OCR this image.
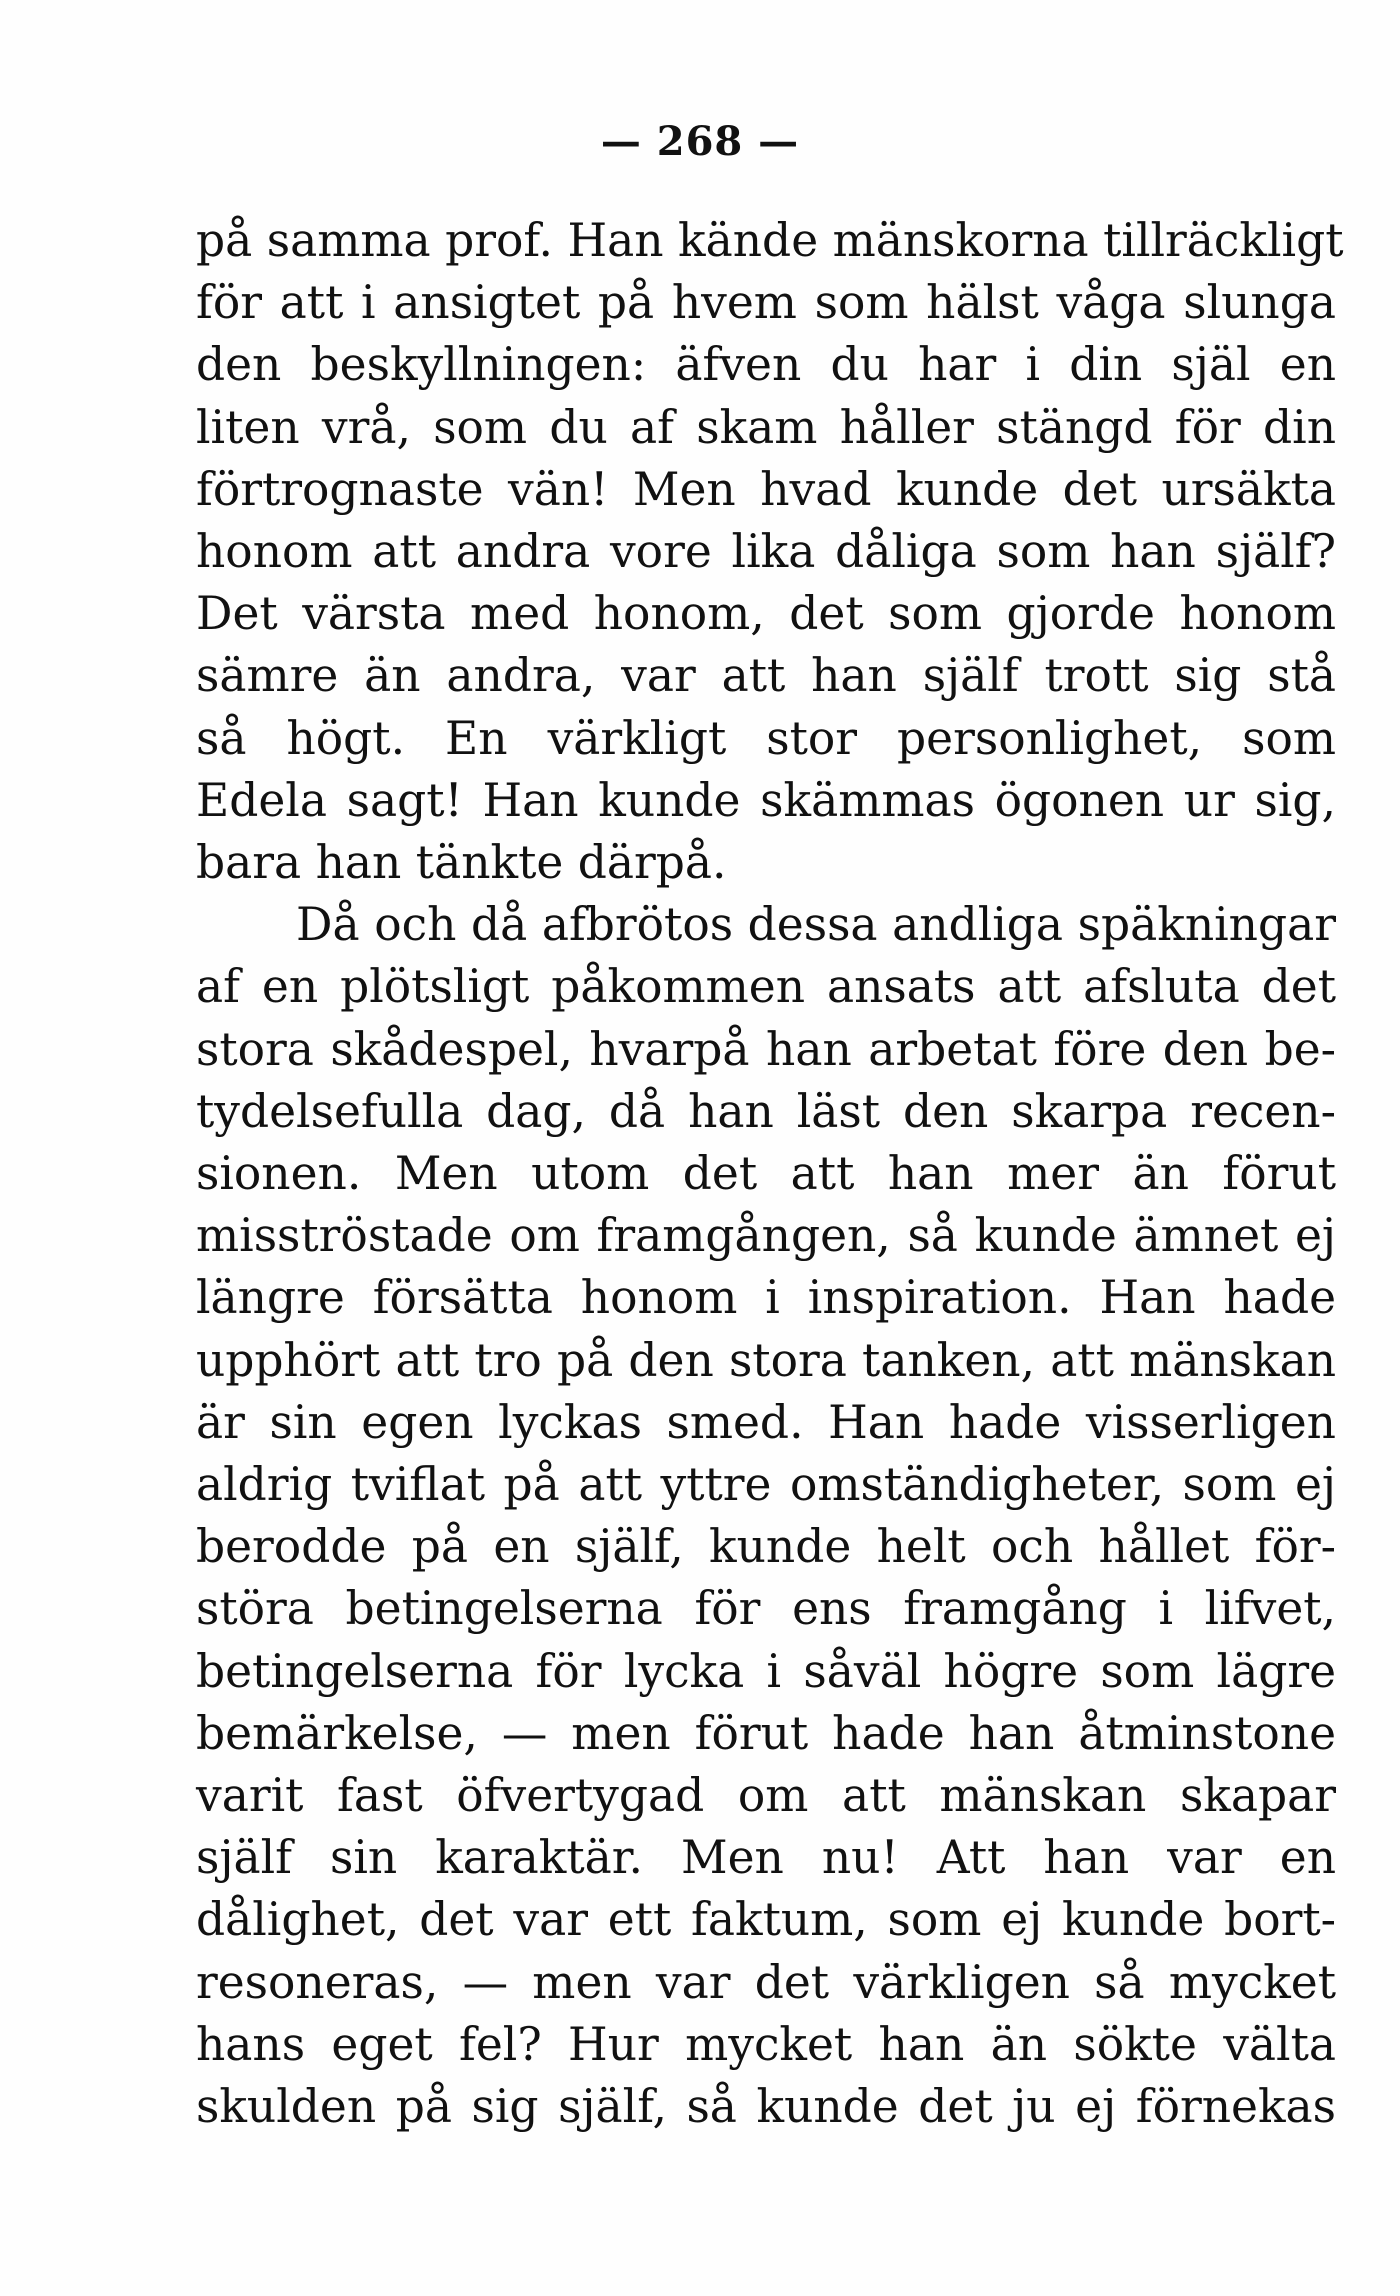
— 268 —
på samma prof. Han kände mänskorna tillräckligt
för att i ansigtet på hvem som hälst våga slunga
den beskyllningen: äfven du har i din själ en
liten vrå, som du af skam håller stängd för din
förtrognaste vän! Men hvad kunde det ursäkta
honom att andra vore lika dåliga som han själf?
Det värsta med honom, det som gjorde honom
sämre än andra, var att han själf trott sig stå
så högt. En värkligt stor personlighet, som
Edela sagt! Han kunde skämmas ögonen ur sig,
bara han tänkte därpå.
Då och då afbrötos dessa andliga späkningar
af en plötsligt påkommen ansats att afsluta det
stora skådespel, hvarpå han arbetat före den be-
tydelsefulla dag, då han läst den skarpa recen-
sionen. Men utom det att han mer än förut
misströstade om framgången, så kunde ämnet ej
längre försätta honom i inspiration. Han hade
upphört att tro på den stora tanken, att mänskan
är sin egen lyckas smed. Han hade visserligen
aldrig tviflat på att yttre omständigheter, som ej
berodde på en själf, kunde helt och hållet för-
störa betingelserna för ens framgång i lifvet,
betingelserna för lycka i såväl högre som lägre
bemärkelse, — men förut hade han åtminstone
varit fast öfvertygad om att mänskan skapar
själf sin karaktär. Men nu! Att han var en
dålighet, det var ett faktum, som ej kunde bort-
resoneras, — men var det värkligen så mycket
hans eget fel? Hur mycket han än sökte välta
skulden på sig själf, så kunde det ju ej förnekas
